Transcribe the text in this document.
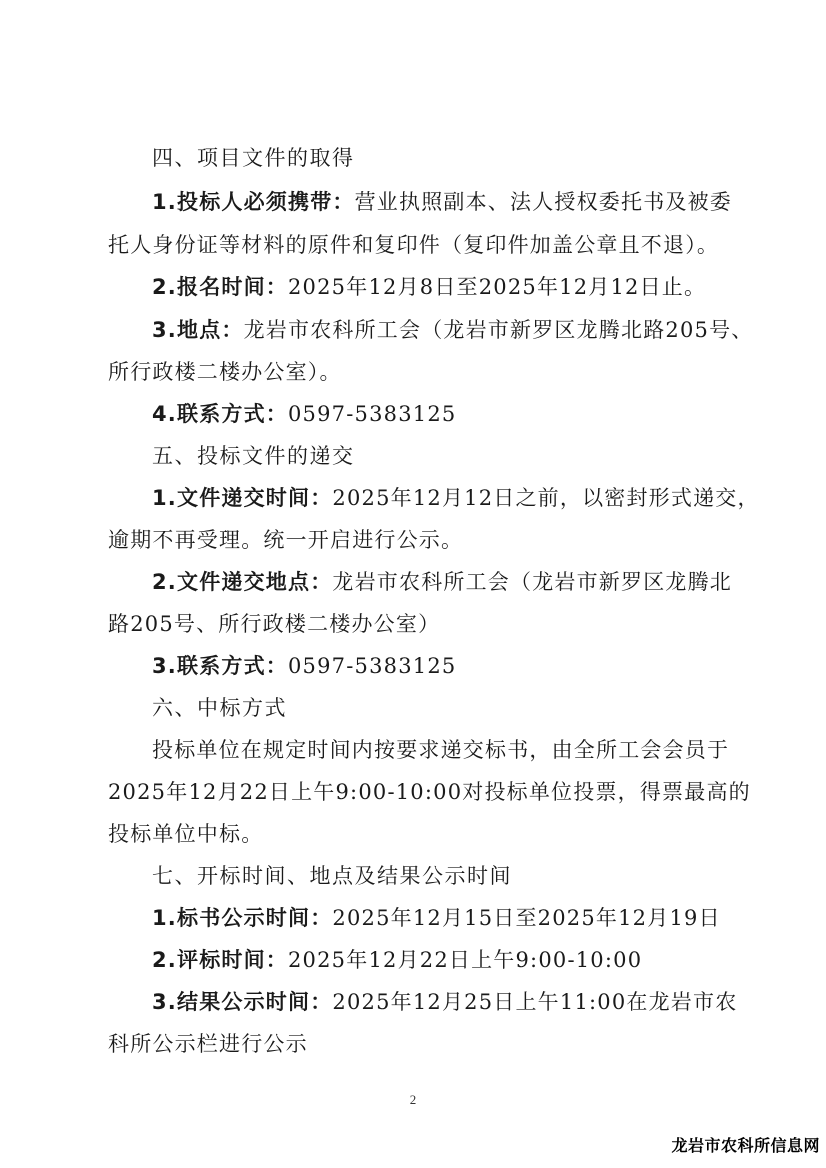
四、项目文件的取得
1.投标人必须携带：营业执照副本、法人授权委托书及被委
托人身份证等材料的原件和复印件（复印件加盖公章且不退）。
2.报名时间：2025年12月8日至2025年12月12日止。
3.地点：龙岩市农科所工会（龙岩市新罗区龙腾北路205号、
所行政楼二楼办公室）。
4.联系方式：0597-5383125
五、投标文件的递交
1.文件递交时间：2025年12月12日之前，以密封形式递交，
逾期不再受理。统一开启进行公示。
2.文件递交地点：龙岩市农科所工会（龙岩市新罗区龙腾北
路205号、所行政楼二楼办公室）
3.联系方式：0597-5383125
六、中标方式
投标单位在规定时间内按要求递交标书，由全所工会会员于
2025年12月22日上午9:00-10:00对投标单位投票，得票最高的
投标单位中标。
七、开标时间、地点及结果公示时间
1.标书公示时间：2025年12月15日至2025年12月19日
2.评标时间：2025年12月22日上午9:00-10:00
3.结果公示时间：2025年12月25日上午11:00在龙岩市农
科所公示栏进行公示
2
龙岩市农科所信息网
